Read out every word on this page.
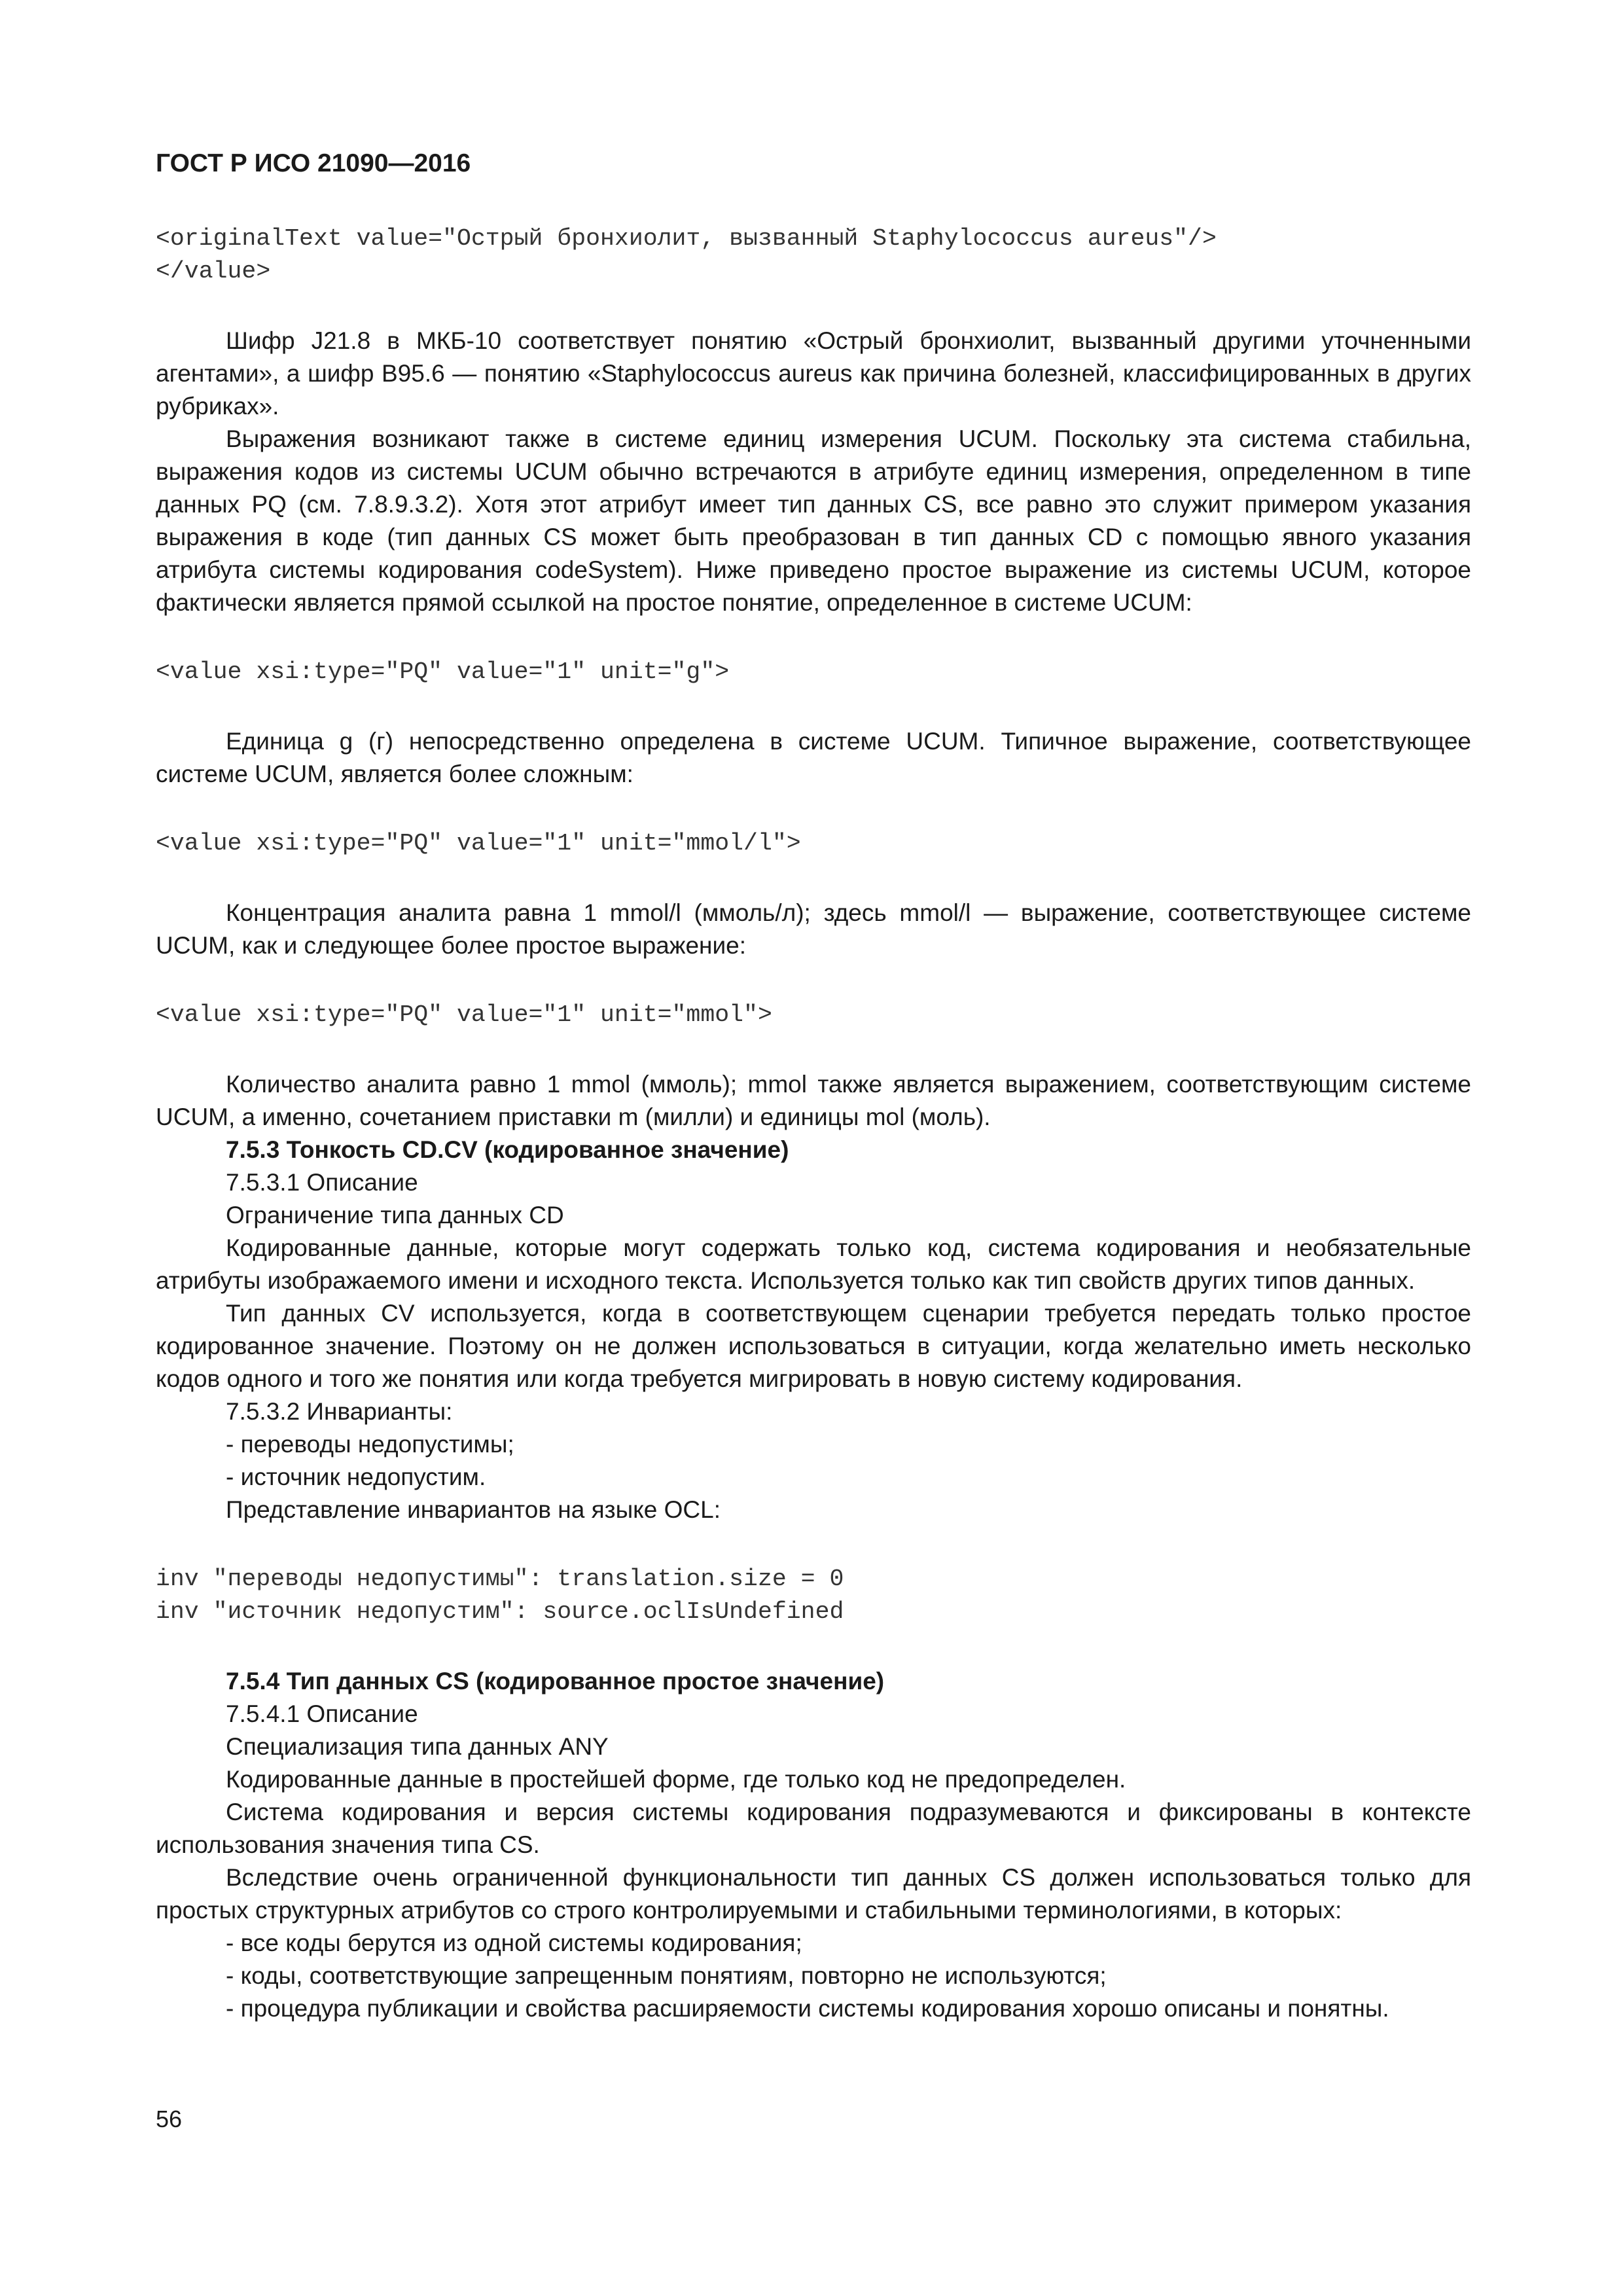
ГОСТ Р ИСО 21090—2016
<originalText value="Острый бронхиолит, вызванный Staphylococcus aureus"/>
</value>

Шифр J21.8 в МКБ-10 соответствует понятию «Острый бронхиолит, вызванный другими уточненными агентами», а шифр B95.6 — понятию «Staphylococcus aureus как причина болезней, классифицированных в других рубриках».

Выражения возникают также в системе единиц измерения UCUM. Поскольку эта система стабильна, выражения кодов из системы UCUM обычно встречаются в атрибуте единиц измерения, определенном в типе данных PQ (см. 7.8.9.3.2). Хотя этот атрибут имеет тип данных CS, все равно это служит примером указания выражения в коде (тип данных CS может быть преобразован в тип данных CD с помощью явного указания атрибута системы кодирования codeSystem). Ниже приведено простое выражение из системы UCUM, которое фактически является прямой ссылкой на простое понятие, определенное в системе UCUM:

<value xsi:type="PQ" value="1" unit="g">

Единица g (г) непосредственно определена в системе UCUM. Типичное выражение, соответствующее системе UCUM, является более сложным:

<value xsi:type="PQ" value="1" unit="mmol/l">

Концентрация аналита равна 1 mmol/l (ммоль/л); здесь mmol/l — выражение, соответствующее системе UCUM, как и следующее более простое выражение:

<value xsi:type="PQ" value="1" unit="mmol">

Количество аналита равно 1 mmol (ммоль); mmol также является выражением, соответствующим системе UCUM, а именно, сочетанием приставки m (милли) и единицы mol (моль).

7.5.3 Тонкость CD.CV (кодированное значение)

7.5.3.1 Описание

Ограничение типа данных CD

Кодированные данные, которые могут содержать только код, система кодирования и необязательные атрибуты изображаемого имени и исходного текста. Используется только как тип свойств других типов данных.

Тип данных CV используется, когда в соответствующем сценарии требуется передать только простое кодированное значение. Поэтому он не должен использоваться в ситуации, когда желательно иметь несколько кодов одного и того же понятия или когда требуется мигрировать в новую систему кодирования.

7.5.3.2 Инварианты:

- переводы недопустимы;

- источник недопустим.

Представление инвариантов на языке OCL:

inv "переводы недопустимы": translation.size = 0
inv "источник недопустим": source.oclIsUndefined

7.5.4 Тип данных CS (кодированное простое значение)

7.5.4.1 Описание

Специализация типа данных ANY

Кодированные данные в простейшей форме, где только код не предопределен.

Система кодирования и версия системы кодирования подразумеваются и фиксированы в контексте использования значения типа CS.

Вследствие очень ограниченной функциональности тип данных CS должен использоваться только для простых структурных атрибутов со строго контролируемыми и стабильными терминологиями, в которых:

- все коды берутся из одной системы кодирования;

- коды, соответствующие запрещенным понятиям, повторно не используются;

- процедура публикации и свойства расширяемости системы кодирования хорошо описаны и понятны.

56
